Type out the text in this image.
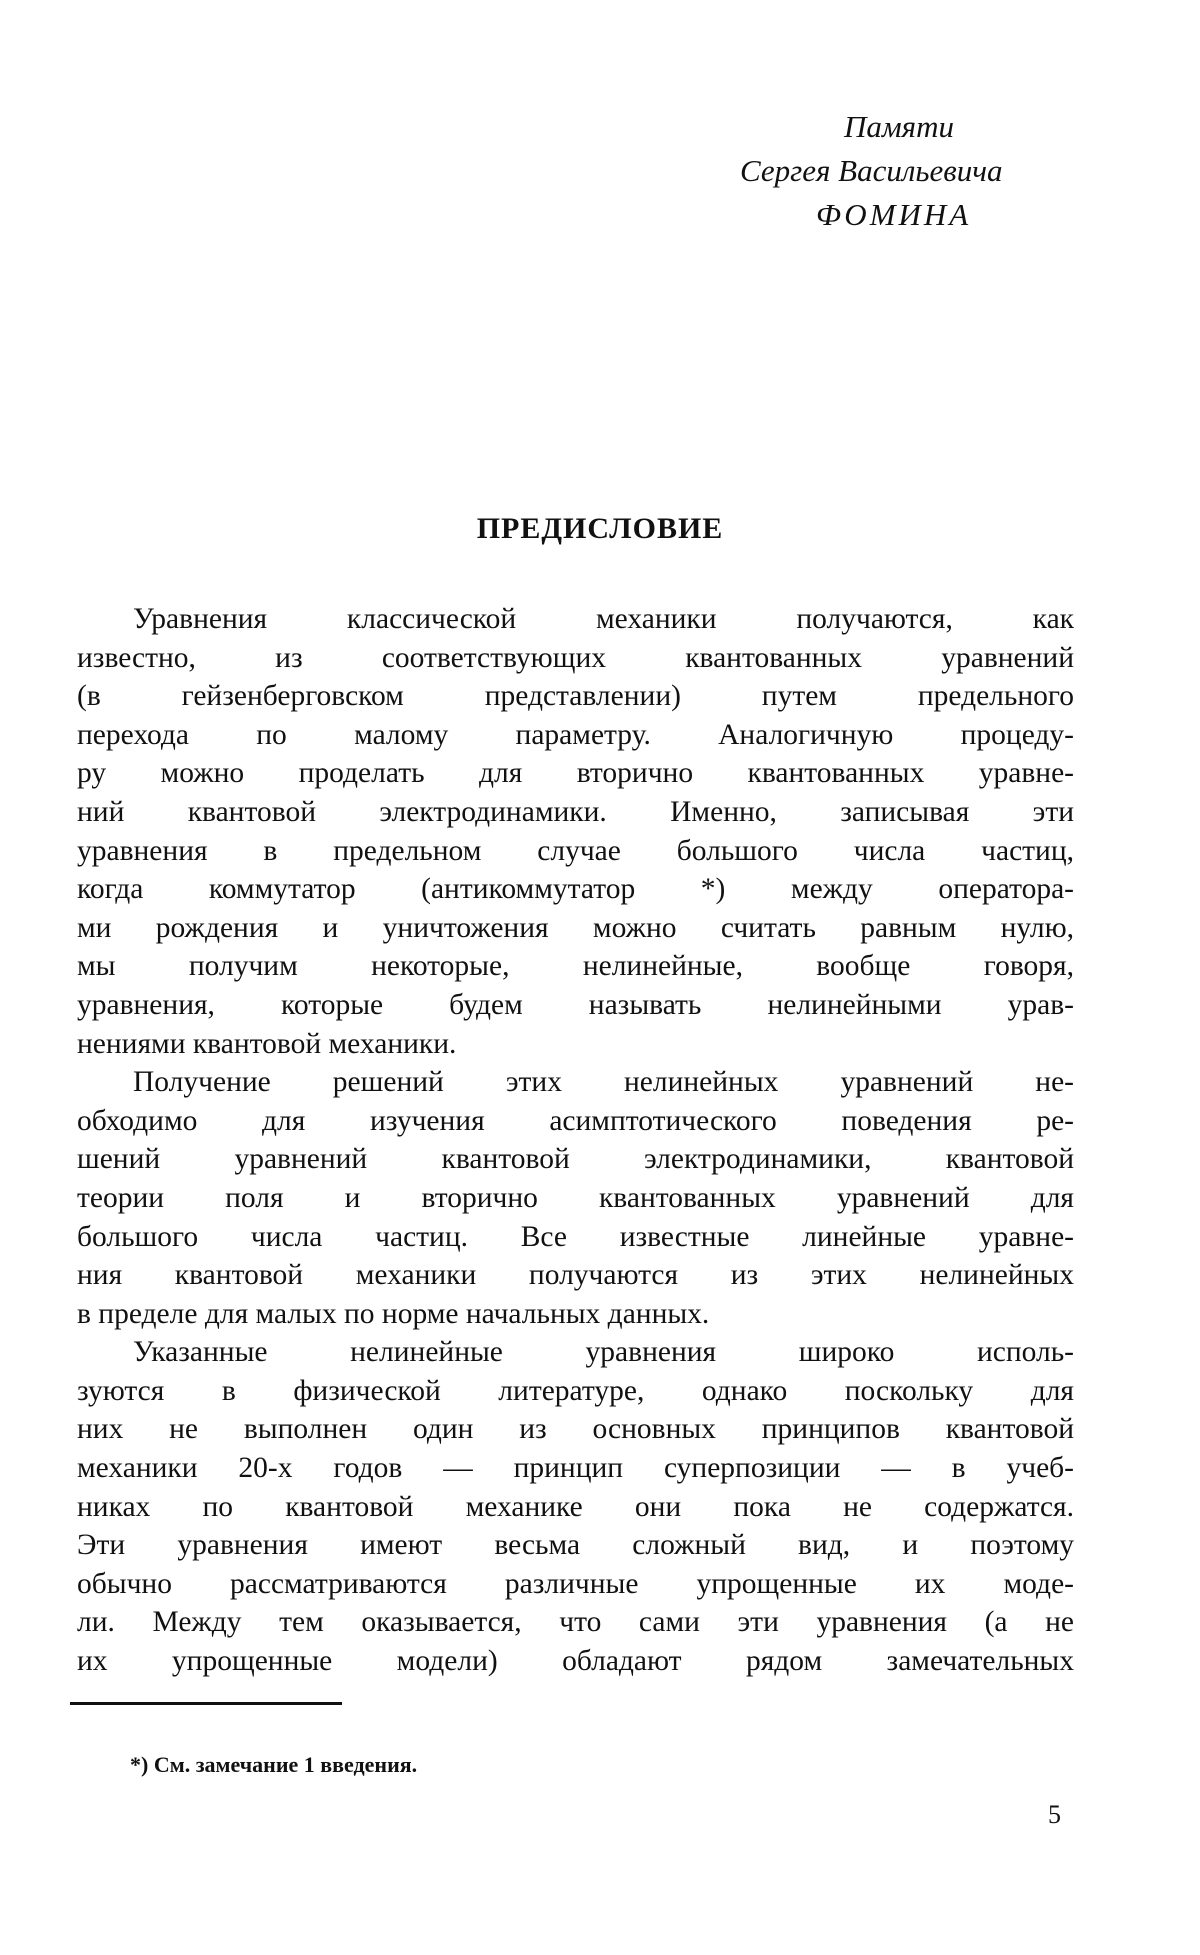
Памяти
Сергея Васильевича
ФОМИНА
ПРЕДИСЛОВИЕ

Уравнения классической механики получаются, как
известно, из соответствующих квантованных уравнений
(в гейзенберговском представлении) путем предельного
перехода по малому параметру. Аналогичную процеду-
ру можно проделать для вторично квантованных уравне-
ний квантовой электродинамики. Именно, записывая эти
уравнения в предельном случае большого числа частиц,
когда коммутатор (антикоммутатор *) между оператора-
ми рождения и уничтожения можно считать равным нулю,
мы получим некоторые, нелинейные, вообще говоря,
уравнения, которые будем называть нелинейными урав-
нениями квантовой механики.

Получение решений этих нелинейных уравнений не-
обходимо для изучения асимптотического поведения ре-
шений уравнений квантовой электродинамики, квантовой
теории поля и вторично квантованных уравнений для
большого числа частиц. Все известные линейные уравне-
ния квантовой механики получаются из этих нелинейных
в пределе для малых по норме начальных данных.

Указанные нелинейные уравнения широко исполь-
зуются в физической литературе, однако поскольку для
них не выполнен один из основных принципов квантовой
механики 20-х годов — принцип суперпозиции — в учеб-
никах по квантовой механике они пока не содержатся.
Эти уравнения имеют весьма сложный вид, и поэтому
обычно рассматриваются различные упрощенные их моде-
ли. Между тем оказывается, что сами эти уравнения (а не
их упрощенные модели) обладают рядом замечательных

*) См. замечание 1 введения.
5
